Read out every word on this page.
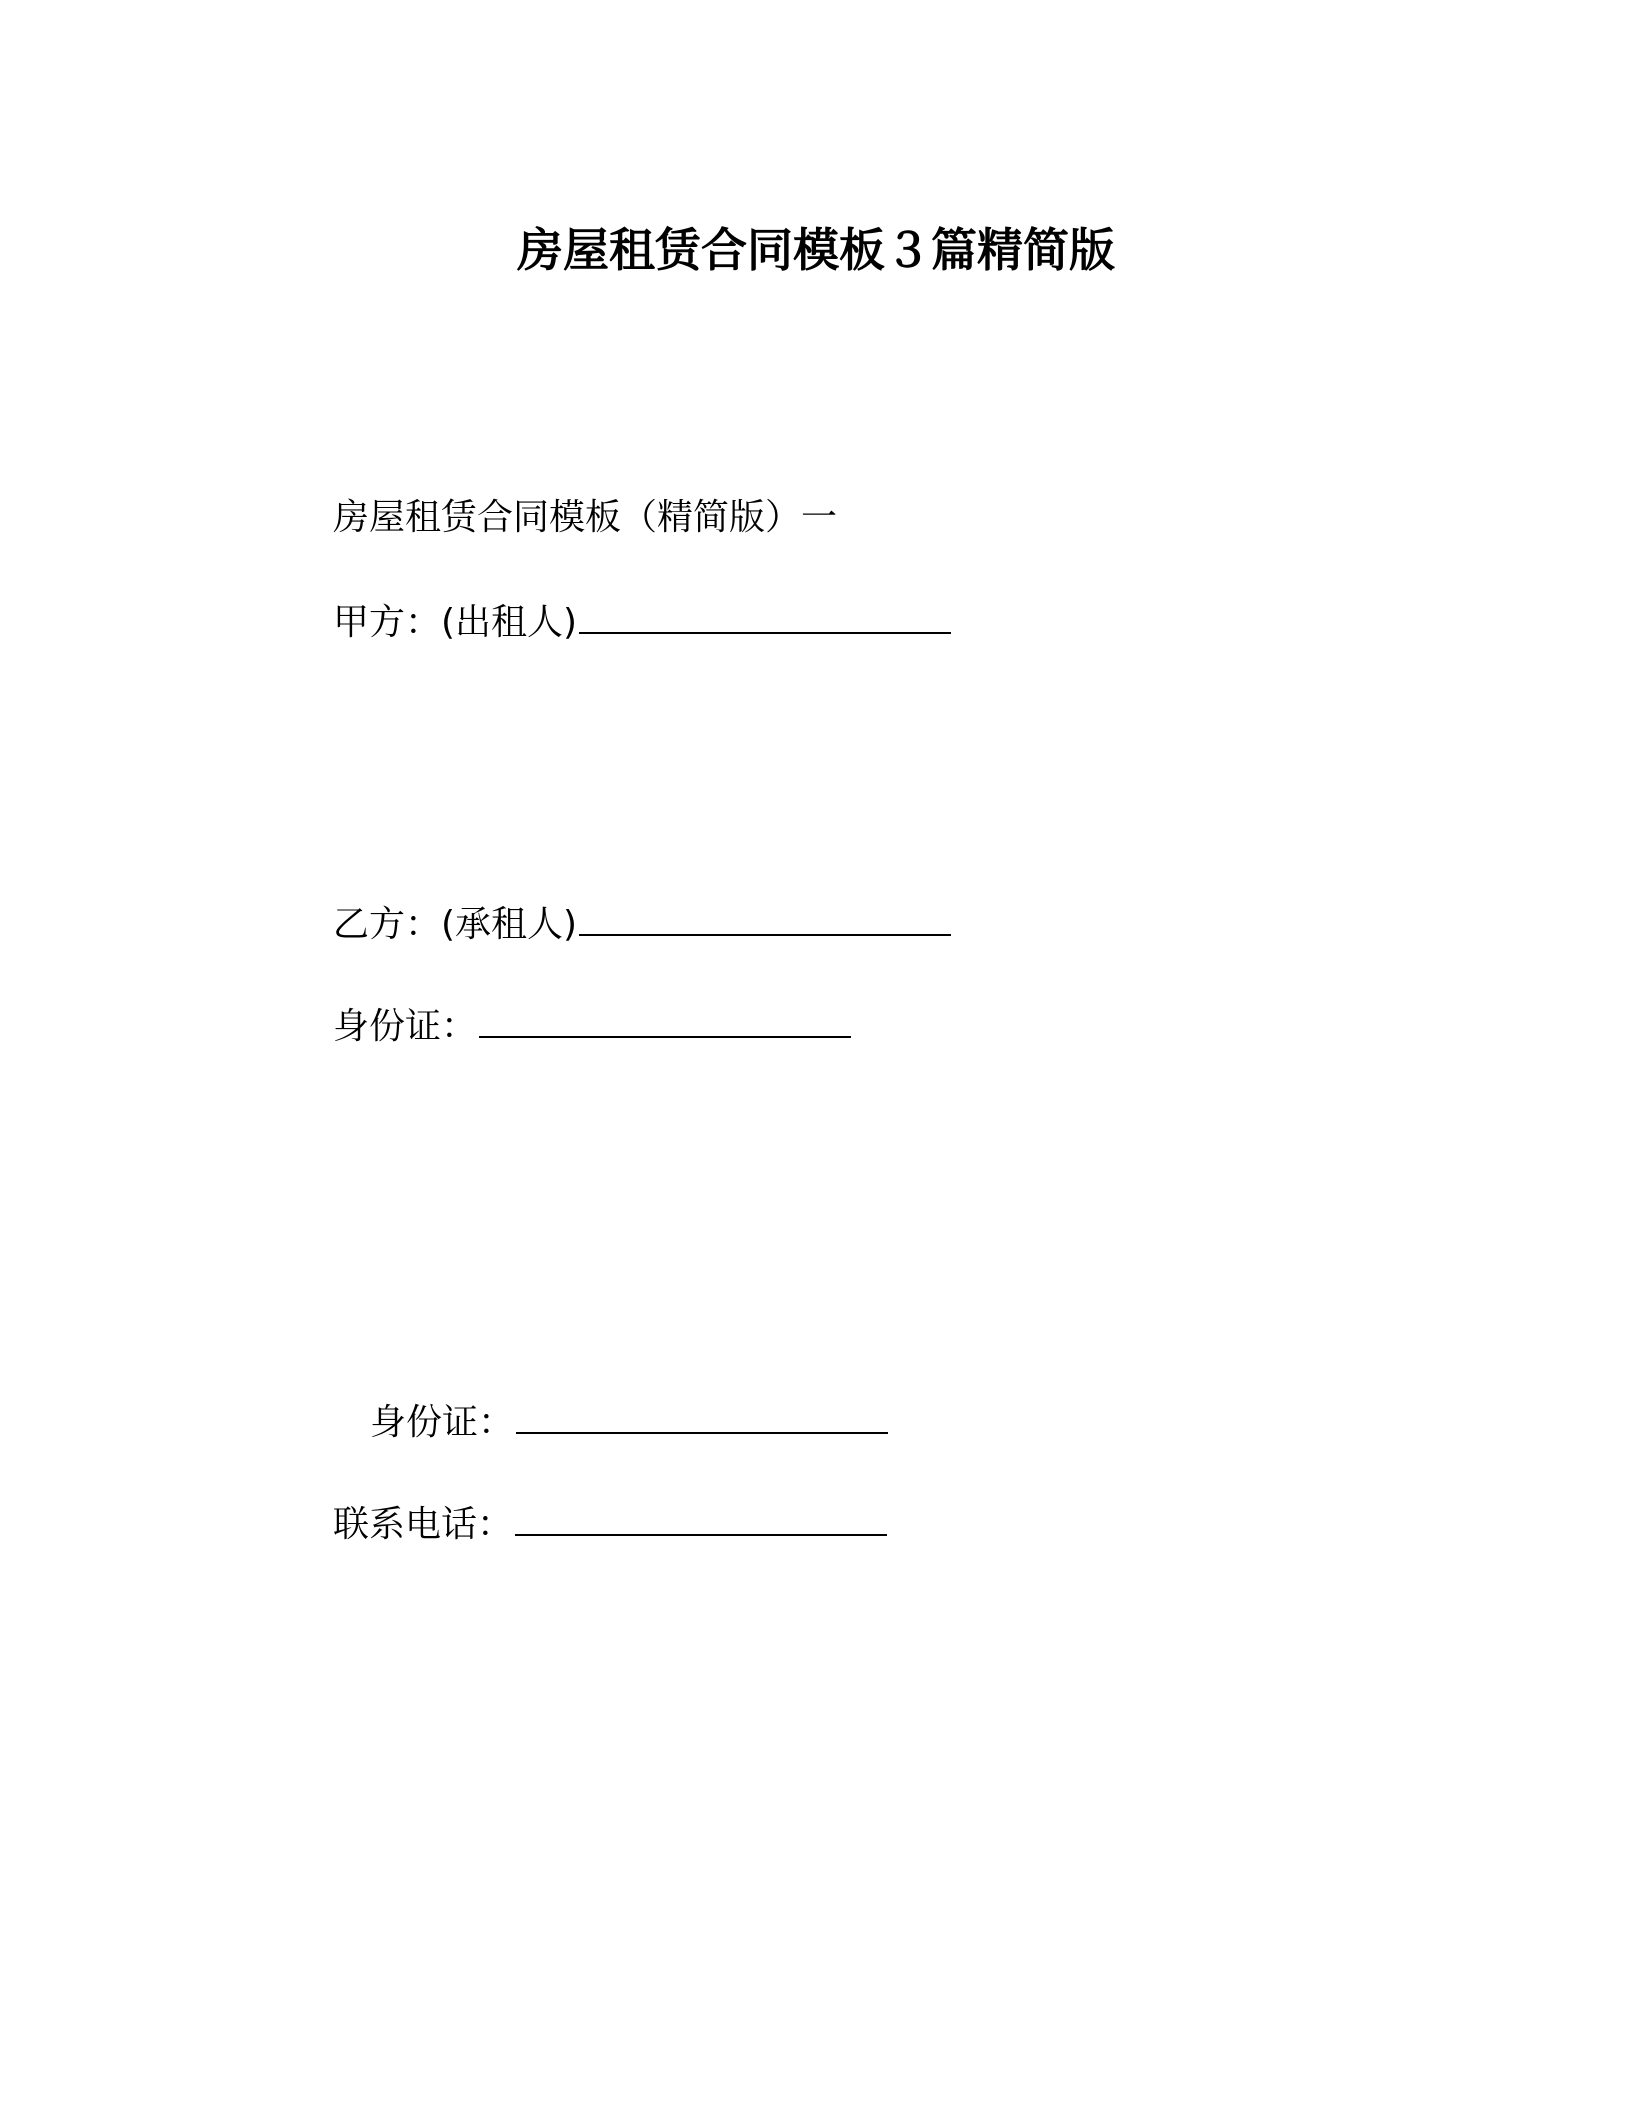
房屋租赁合同模板３篇精简版
房屋租赁合同模板（精简版）一
甲方：(出租人)
乙方：(承租人)
身份证：
身份证：
联系电话：
